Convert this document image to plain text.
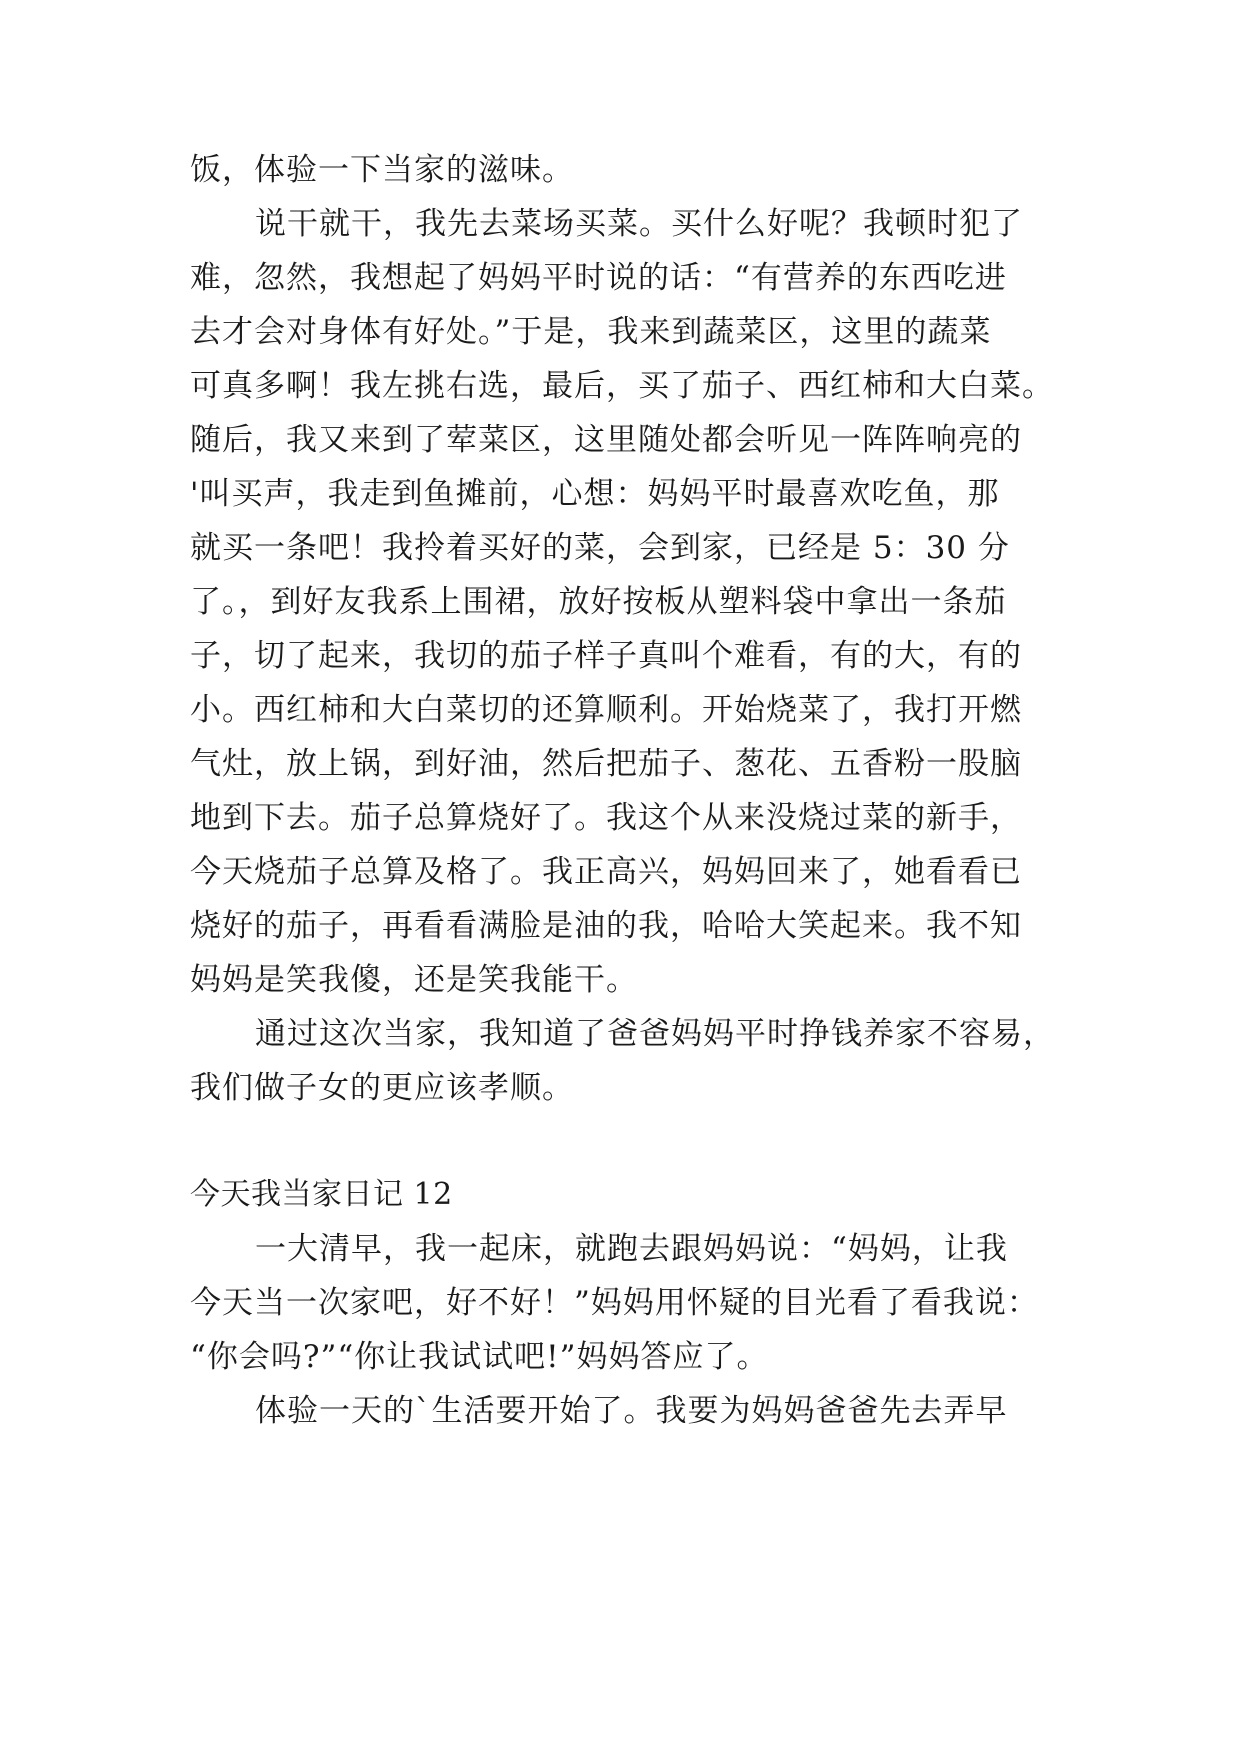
饭，体验一下当家的滋味。

说干就干，我先去菜场买菜。买什么好呢？我顿时犯了

难，忽然，我想起了妈妈平时说的话：“有营养的东西吃进

去才会对身体有好处。”于是，我来到蔬菜区，这里的蔬菜

可真多啊！我左挑右选，最后，买了茄子、西红柿和大白菜。

随后，我又来到了荤菜区，这里随处都会听见一阵阵响亮的

'叫买声，我走到鱼摊前，心想：妈妈平时最喜欢吃鱼，那

就买一条吧！我拎着买好的菜，会到家，已经是 5：30 分

了。，到好友我系上围裙，放好按板从塑料袋中拿出一条茄

子，切了起来，我切的茄子样子真叫个难看，有的大，有的

小。西红柿和大白菜切的还算顺利。开始烧菜了，我打开燃

气灶，放上锅，到好油，然后把茄子、葱花、五香粉一股脑

地到下去。茄子总算烧好了。我这个从来没烧过菜的新手，

今天烧茄子总算及格了。我正高兴，妈妈回来了，她看看已

烧好的茄子，再看看满脸是油的我，哈哈大笑起来。我不知

妈妈是笑我傻，还是笑我能干。

通过这次当家，我知道了爸爸妈妈平时挣钱养家不容易，

我们做子女的更应该孝顺。

今天我当家日记 12

一大清早，我一起床，就跑去跟妈妈说：“妈妈，让我

今天当一次家吧，好不好！”妈妈用怀疑的目光看了看我说：

“你会吗?”“你让我试试吧!”妈妈答应了。

体验一天的`生活要开始了。我要为妈妈爸爸先去弄早
